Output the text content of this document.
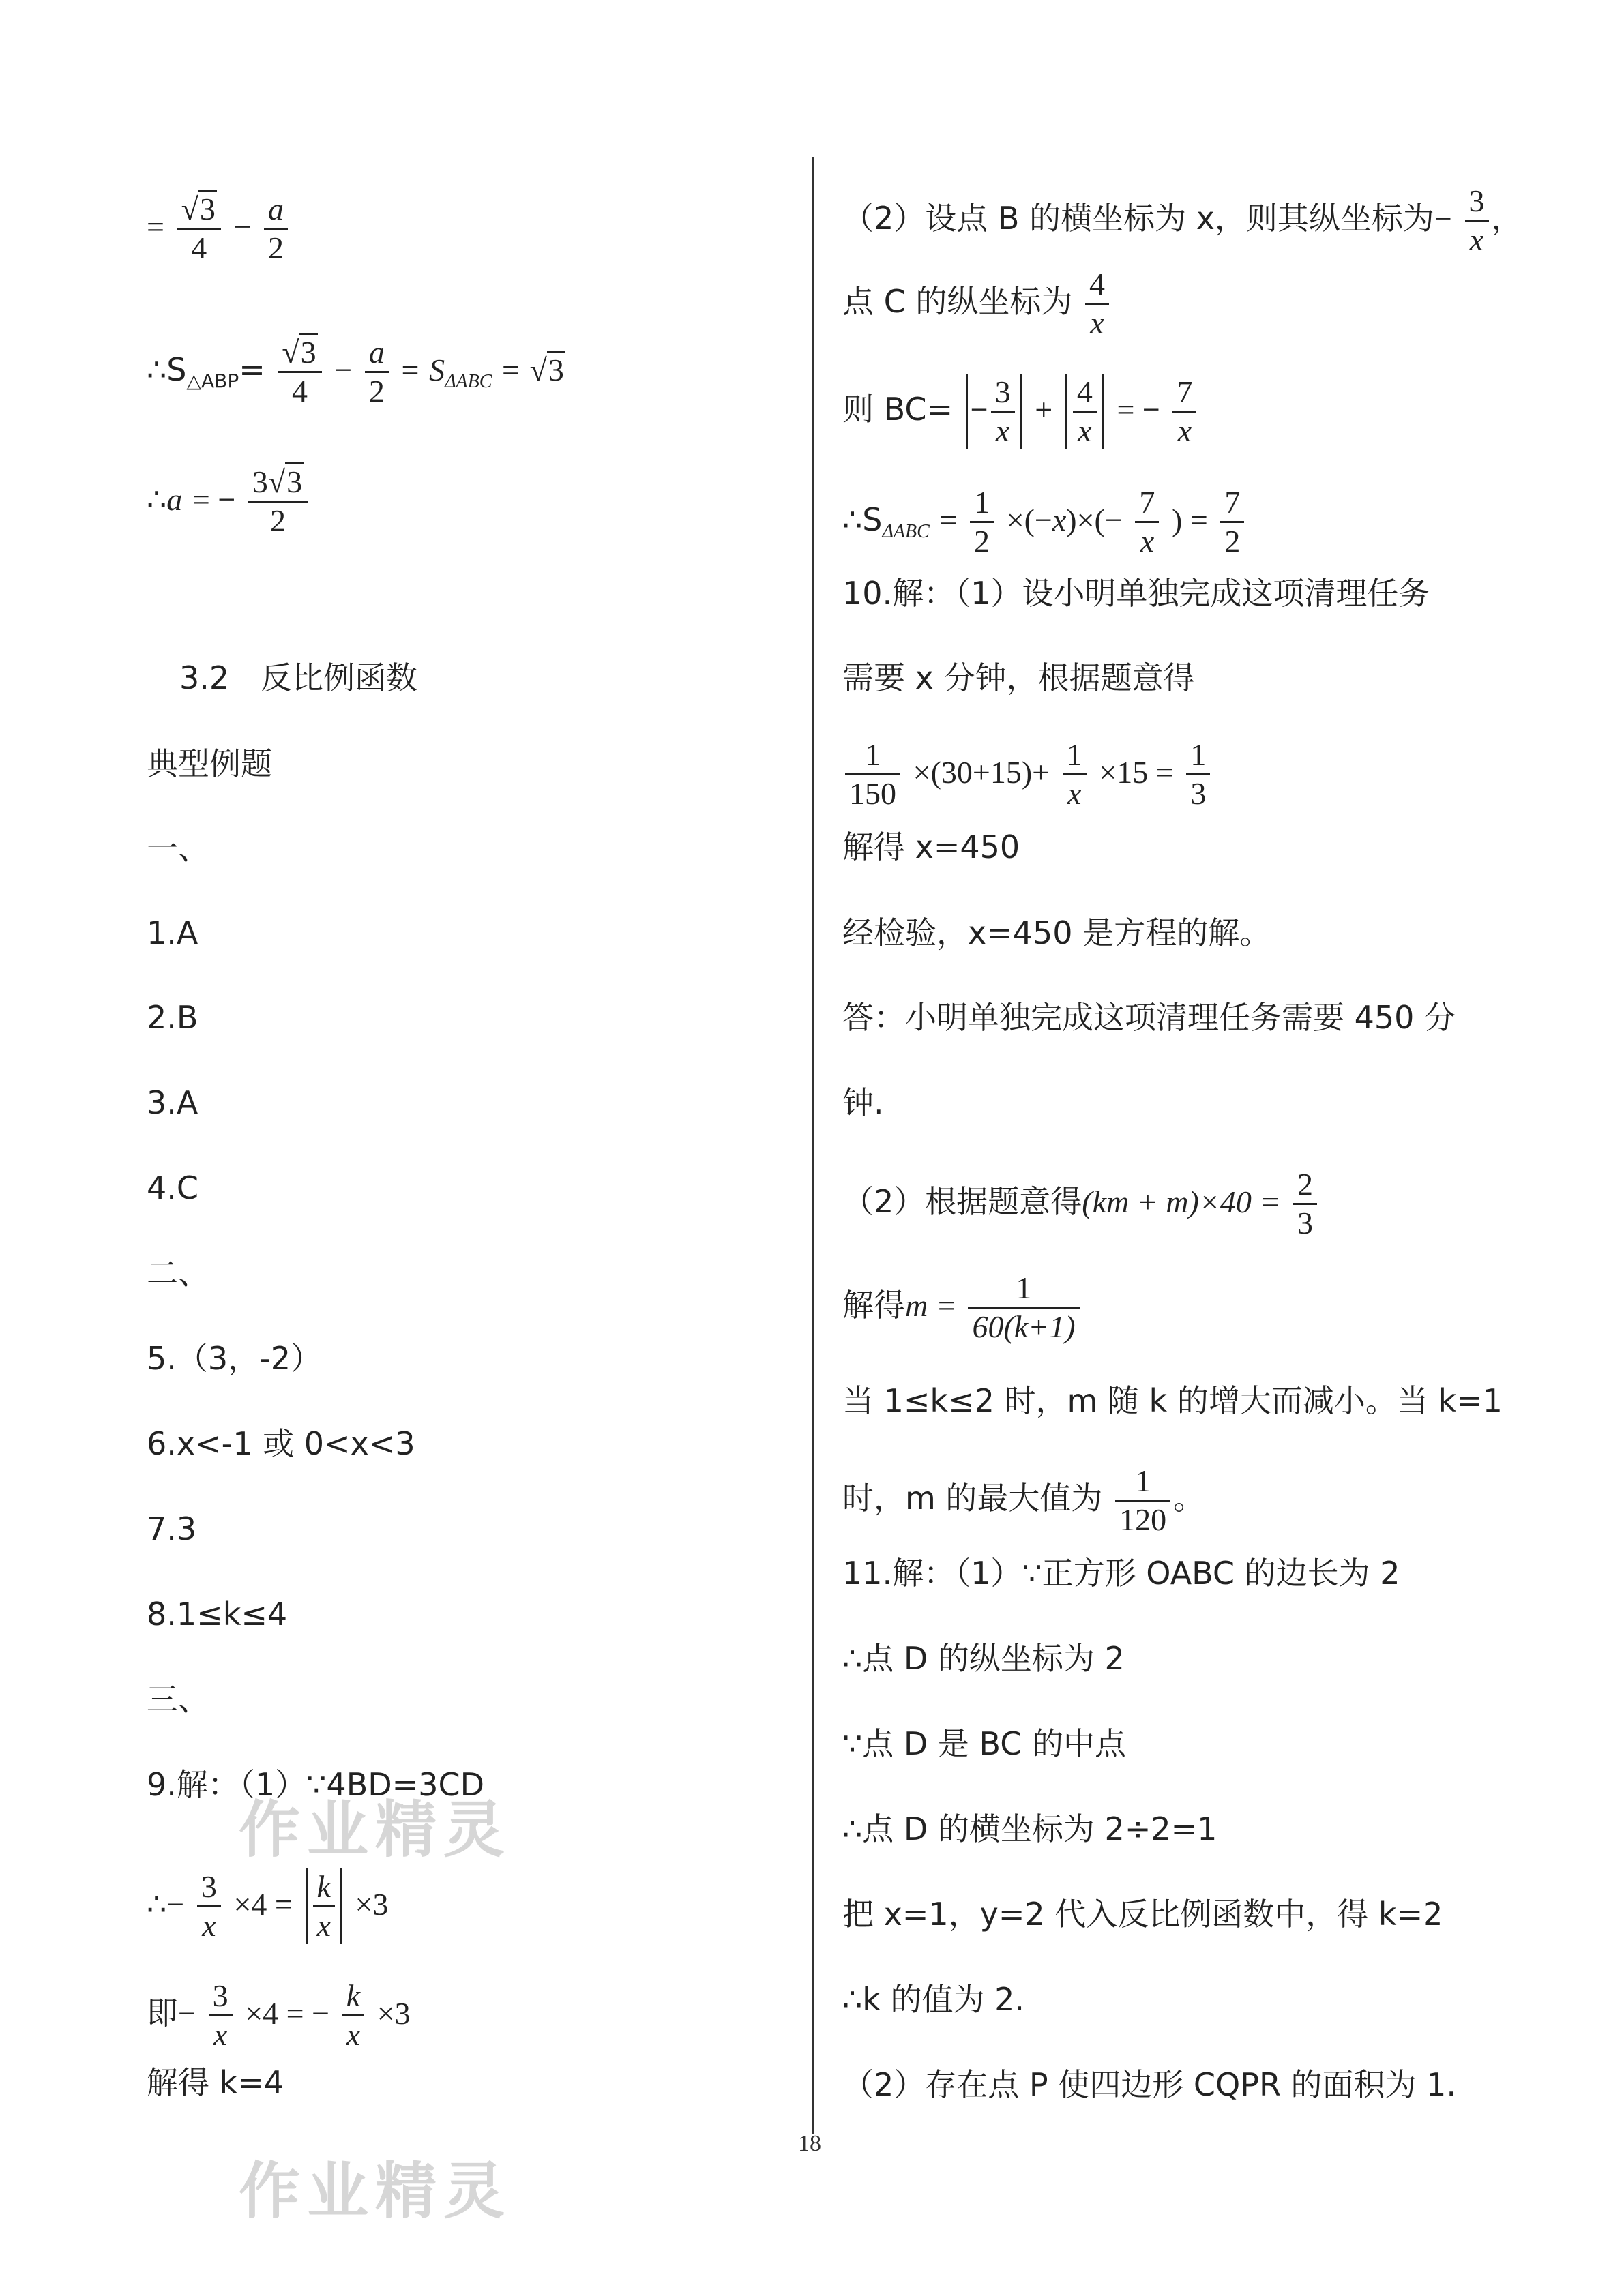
作业精灵
作业精灵
= $\frac{√3}{4} - \frac{a}{2}$
$\therefore S_{\triangle ABP}= \frac{√3}{4} - \frac{a}{2} = S_{\Delta ABC} = √3$
∴a = − $\frac{3√3}{2}$
3.2　反比例函数
典型例题
一、
1.A
2.B
3.A
4.C
二、
5.（3，-2）
6.x<-1 或 0<x<3
7.3
8.1≤k≤4
三、
9.解：（1）∵4BD=3CD
∴− $\frac{3}{x} \times 4 = \frac{k}{x} \times 3$
即− $\frac{3}{x} \times 4$ = − $\frac{k}{x} \times 3$
解得 k=4
（2）设点 B 的横坐标为 x，则其纵坐标为− $\frac{3}{x}$ ，
点 C 的纵坐标为 $\frac{4}{x}$
则 $BC= - \frac{3}{x} + \frac{4}{x}$ = − $\frac{7}{x}$
$\therefore S_{\Delta ABC} = \frac{1}{2} \times(-x)\times(- \frac{7}{x}$ ) = $\frac{7}{2}$
10.解：（1）设小明单独完成这项清理任务
需要 x 分钟，根据题意得
$\frac{1}{150} \times(30+15)+ \frac{1}{x} \times 15 = \frac{1}{3}$
解得 x=450
经检验，x=450 是方程的解。
答：小明单独完成这项清理任务需要 450 分
钟.
（2）根据题意得$(km + m)\times 40 = \frac{2}{3}$
解得$m = \frac{1}{60(k+1)}$
当 1≤k≤2 时，m 随 k 的增大而减小。当 k=1
时，m 的最大值为 $\frac{1}{120}$ 。
11.解：（1）∵正方形 OABC 的边长为 2
∴点 D 的纵坐标为 2
∵点 D 是 BC 的中点
∴点 D 的横坐标为 2÷2=1
把 x=1，y=2 代入反比例函数中，得 k=2
∴k 的值为 2.
（2）存在点 P 使四边形 CQPR 的面积为 1.
18
